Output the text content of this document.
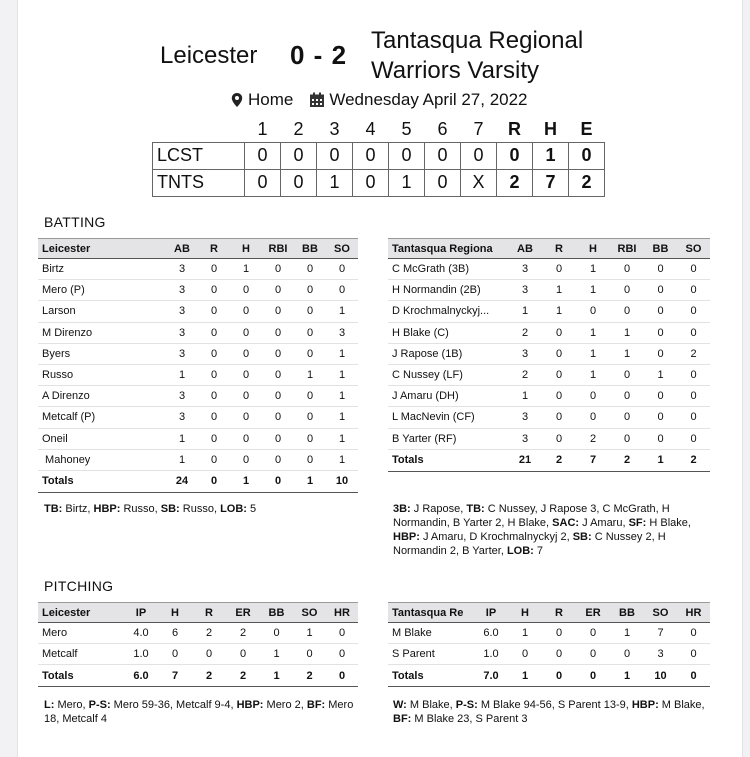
Leicester 0 - 2 Tantasqua Regional
Warriors Varsity
Home Wednesday April 27, 2022
	1	2	3	4	5	6	7	R	H	E
LCST	0	0	0	0	0	0	0	0	1	0
TNTS	0	0	1	0	1	0	X	2	7	2
BATTING
Leicester	AB	R	H	RBI	BB	SO
Birtz	3	0	1	0	0	0
Mero (P)	3	0	0	0	0	0
Larson	3	0	0	0	0	1
M Direnzo	3	0	0	0	0	3
Byers	3	0	0	0	0	1
Russo	1	0	0	0	1	1
A Direnzo	3	0	0	0	0	1
Metcalf (P)	3	0	0	0	0	1
Oneil	1	0	0	0	0	1
Mahoney	1	0	0	0	0	1
Totals	24	0	1	0	1	10
Tantasqua Regiona	AB	R	H	RBI	BB	SO
C McGrath (3B)	3	0	1	0	0	0
H Normandin (2B)	3	1	1	0	0	0
D Krochmalnyckyj...	1	1	0	0	0	0
H Blake (C)	2	0	1	1	0	0
J Rapose (1B)	3	0	1	1	0	2
C Nussey (LF)	2	0	1	0	1	0
J Amaru (DH)	1	0	0	0	0	0
L MacNevin (CF)	3	0	0	0	0	0
B Yarter (RF)	3	0	2	0	0	0
Totals	21	2	7	2	1	2
TB: Birtz, HBP: Russo, SB: Russo, LOB: 5	3B: J Rapose, TB: C Nussey, J Rapose 3, C McGrath, H Normandin, B Yarter 2, H Blake, SAC: J Amaru, SF: H Blake, HBP: J Amaru, D Krochmalnyckyj 2, SB: C Nussey 2, H Normandin 2, B Yarter, LOB: 7
PITCHING
Leicester	IP	H	R	ER	BB	SO	HR
Mero	4.0	6	2	2	0	1	0
Metcalf	1.0	0	0	0	1	0	0
Totals	6.0	7	2	2	1	2	0
Tantasqua Re	IP	H	R	ER	BB	SO	HR
M Blake	6.0	1	0	0	1	7	0
S Parent	1.0	0	0	0	0	3	0
Totals	7.0	1	0	0	1	10	0
L: Mero, P-S: Mero 59-36, Metcalf 9-4, HBP: Mero 2, BF: Mero 18, Metcalf 4
W: M Blake, P-S: M Blake 94-56, S Parent 13-9, HBP: M Blake, BF: M Blake 23, S Parent 3
